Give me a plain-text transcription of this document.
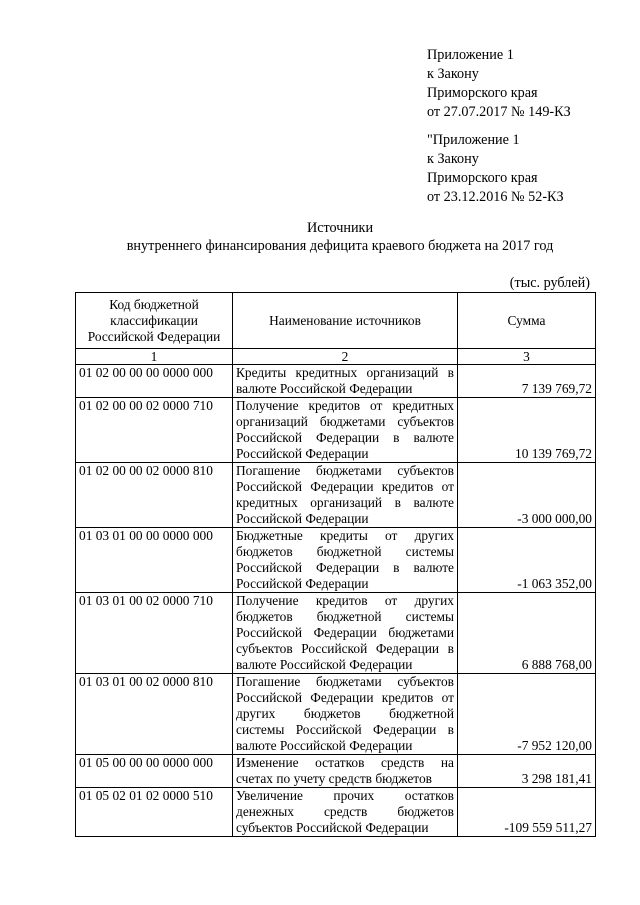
Приложение 1
к Закону
Приморского края
от 27.07.2017 № 149-КЗ
"Приложение 1
к Закону
Приморского края
от 23.12.2016 № 52-КЗ
Источники
внутреннего финансирования дефицита краевого бюджета на 2017 год
(тыс. рублей)
Код бюджетной классификации Российской Федерации	Наименование источников	Сумма
1	2	3
01 02 00 00 00 0000 000	Кредиты кредитных организаций в валюте Российской Федерации	7 139 769,72
01 02 00 00 02 0000 710	Получение кредитов от кредитных организаций бюджетами субъектов Российской Федерации в валюте Российской Федерации	10 139 769,72
01 02 00 00 02 0000 810	Погашение бюджетами субъектов Российской Федерации кредитов от кредитных организаций в валюте Российской Федерации	-3 000 000,00
01 03 01 00 00 0000 000	Бюджетные кредиты от других бюджетов бюджетной системы Российской Федерации в валюте Российской Федерации	-1 063 352,00
01 03 01 00 02 0000 710	Получение кредитов от других бюджетов бюджетной системы Российской Федерации бюджетами субъектов Российской Федерации в валюте Российской Федерации	6 888 768,00
01 03 01 00 02 0000 810	Погашение бюджетами субъектов Российской Федерации кредитов от других бюджетов бюджетной системы Российской Федерации в валюте Российской Федерации	-7 952 120,00
01 05 00 00 00 0000 000	Изменение остатков средств на счетах по учету средств бюджетов	3 298 181,41
01 05 02 01 02 0000 510	Увеличение прочих остатков денежных средств бюджетов субъектов Российской Федерации	-109 559 511,27
